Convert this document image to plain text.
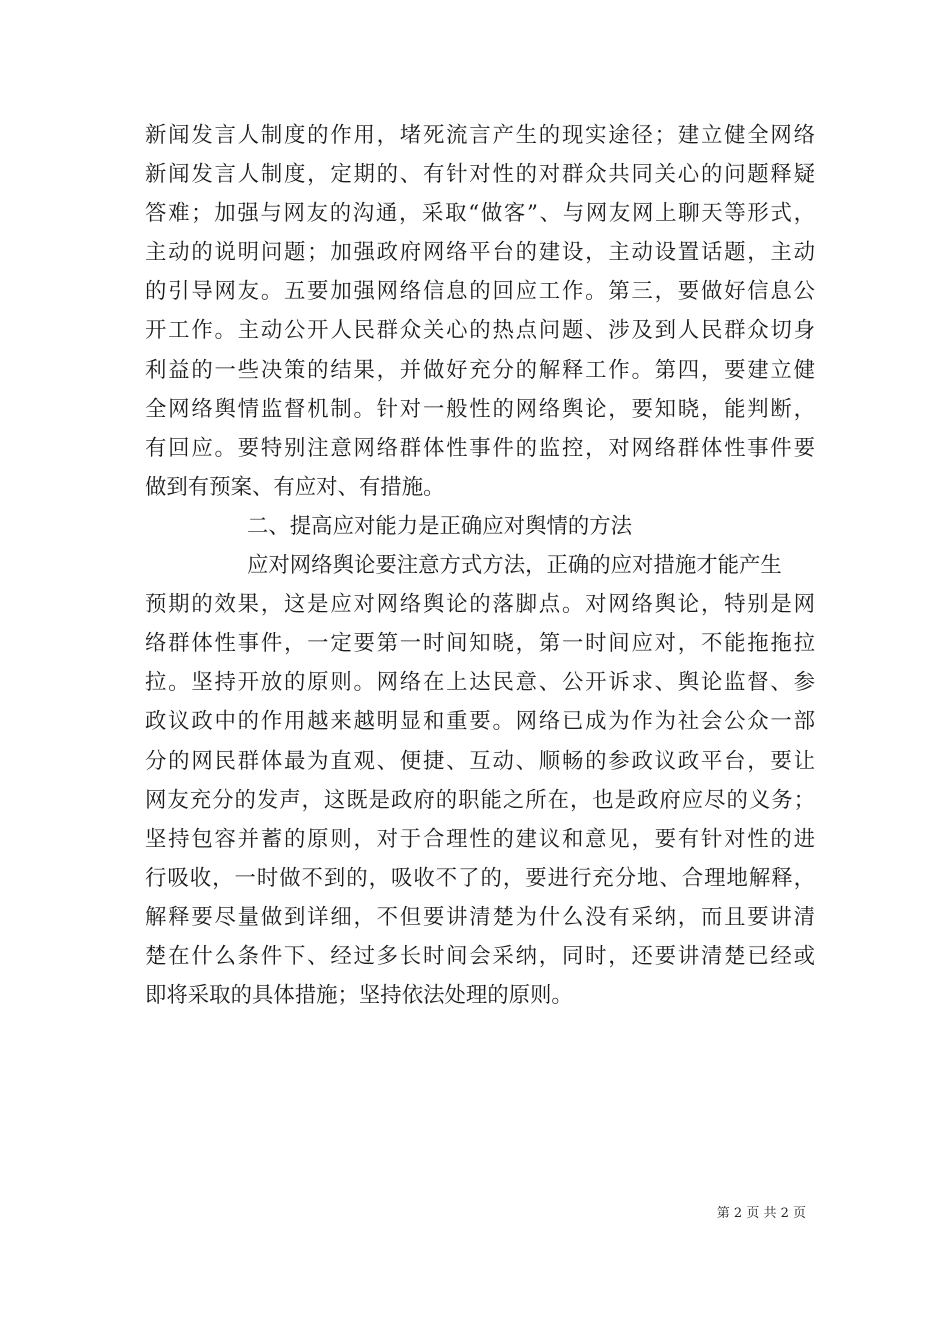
新闻发言人制度的作用，堵死流言产生的现实途径；建立健全网络
新闻发言人制度，定期的、有针对性的对群众共同关心的问题释疑
答难；加强与网友的沟通，采取“做客”、与网友网上聊天等形式，
主动的说明问题；加强政府网络平台的建设，主动设置话题，主动
的引导网友。五要加强网络信息的回应工作。第三，要做好信息公
开工作。主动公开人民群众关心的热点问题、涉及到人民群众切身
利益的一些决策的结果，并做好充分的解释工作。第四，要建立健
全网络舆情监督机制。针对一般性的网络舆论，要知晓，能判断，
有回应。要特别注意网络群体性事件的监控，对网络群体性事件要
做到有预案、有应对、有措施。
二、提高应对能力是正确应对舆情的方法
应对网络舆论要注意方式方法，正确的应对措施才能产生
预期的效果，这是应对网络舆论的落脚点。对网络舆论，特别是网
络群体性事件，一定要第一时间知晓，第一时间应对，不能拖拖拉
拉。坚持开放的原则。网络在上达民意、公开诉求、舆论监督、参
政议政中的作用越来越明显和重要。网络已成为作为社会公众一部
分的网民群体最为直观、便捷、互动、顺畅的参政议政平台，要让
网友充分的发声，这既是政府的职能之所在，也是政府应尽的义务；
坚持包容并蓄的原则，对于合理性的建议和意见，要有针对性的进
行吸收，一时做不到的，吸收不了的，要进行充分地、合理地解释，
解释要尽量做到详细，不但要讲清楚为什么没有采纳，而且要讲清
楚在什么条件下、经过多长时间会采纳，同时，还要讲清楚已经或
即将采取的具体措施；坚持依法处理的原则。
第 2 页 共 2 页
